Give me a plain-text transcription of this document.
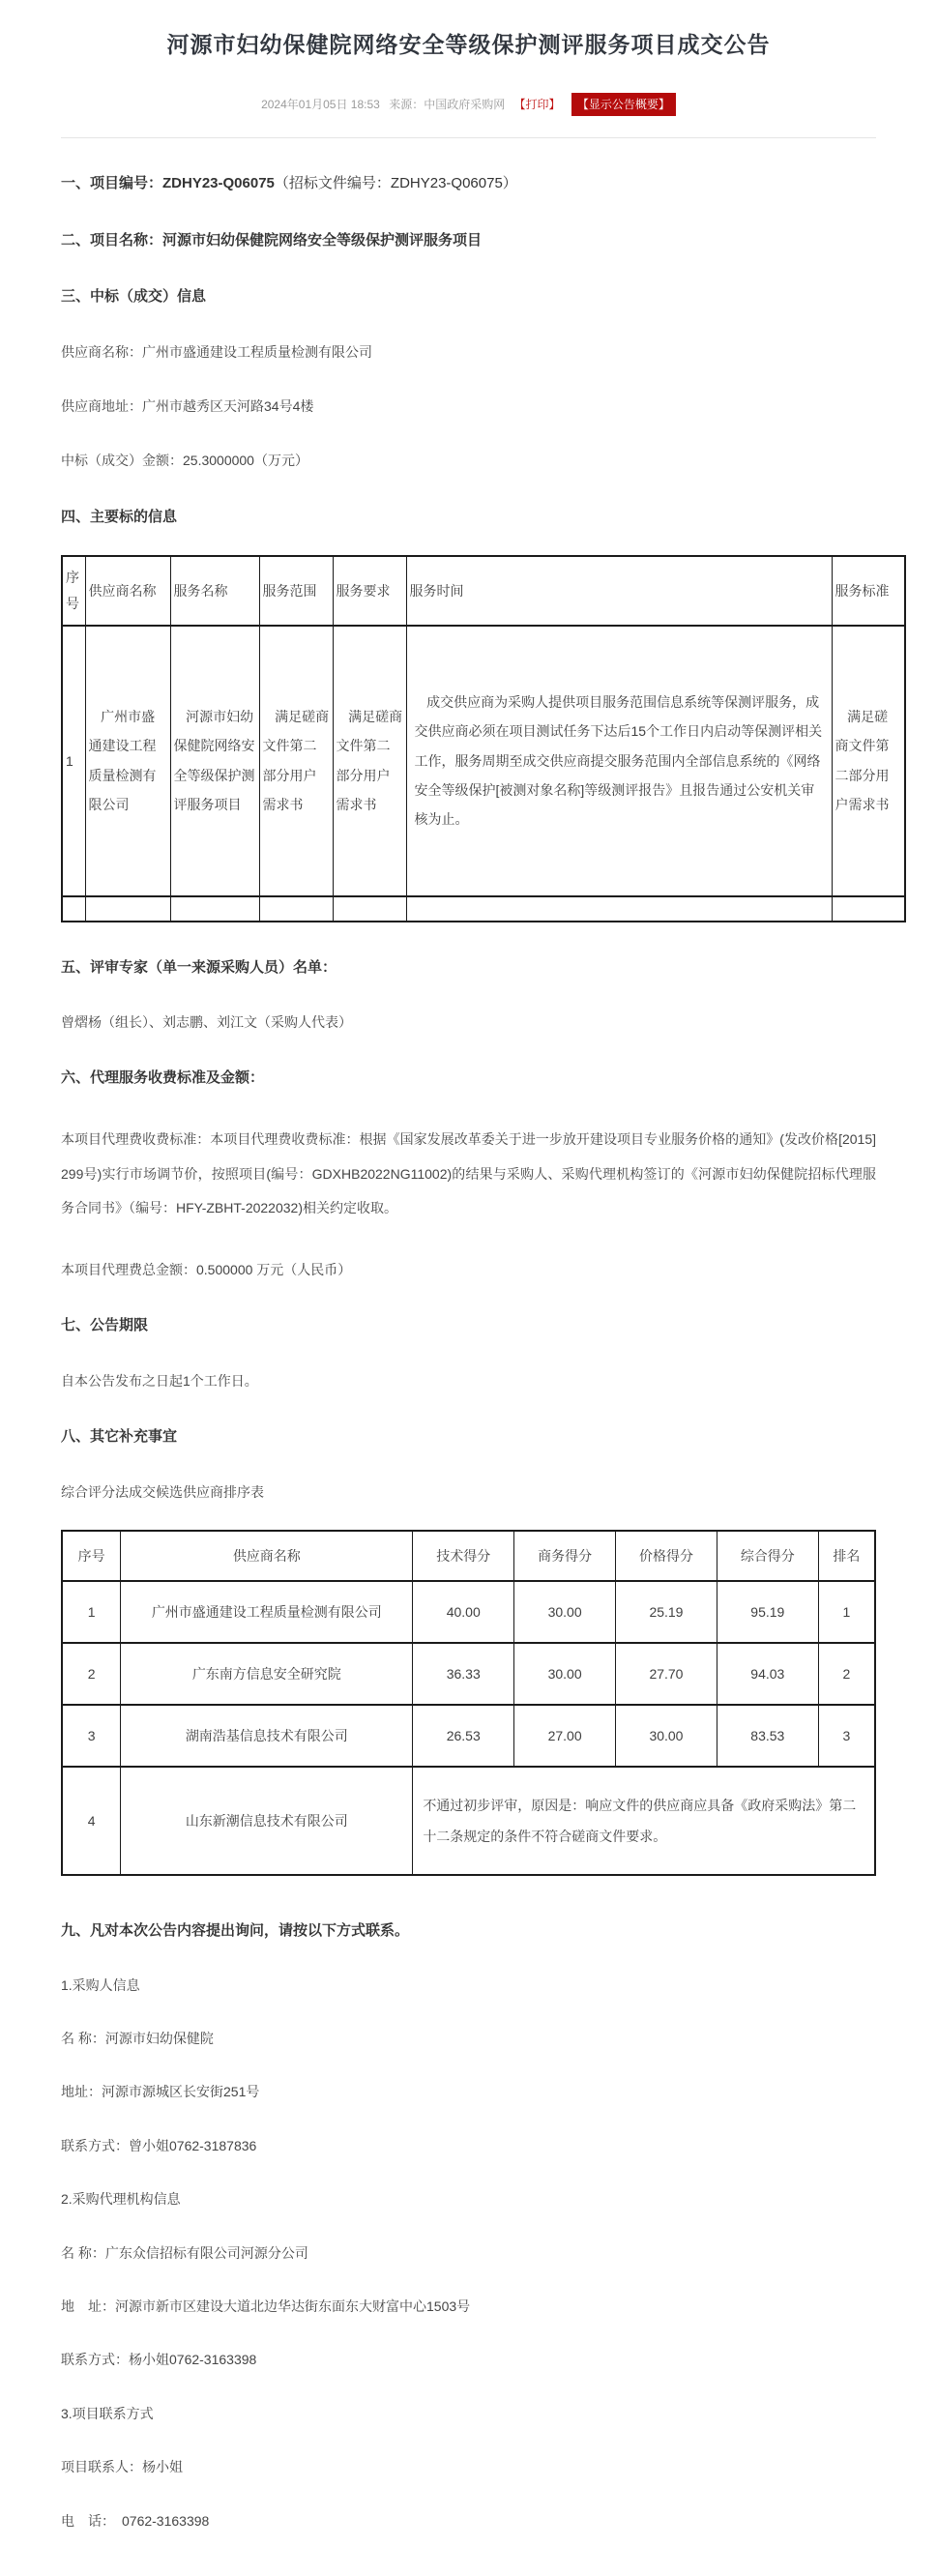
河源市妇幼保健院网络安全等级保护测评服务项目成交公告
2024年01月05日 18:53 来源：中国政府采购网 【打印】 【显示公告概要】
一、项目编号：ZDHY23-Q06075（招标文件编号：ZDHY23-Q06075）
二、项目名称：河源市妇幼保健院网络安全等级保护测评服务项目
三、中标（成交）信息

供应商名称：广州市盛通建设工程质量检测有限公司

供应商地址：广州市越秀区天河路34号4楼

中标（成交）金额：25.3000000（万元）

四、主要标的信息
序号	供应商名称	服务名称	服务范围	服务要求	服务时间	服务标准
1	广州市盛通建设工程质量检测有限公司	河源市妇幼保健院网络安全等级保护测评服务项目	满足磋商文件第二部分用户需求书	满足磋商文件第二部分用户需求书	成交供应商为采购人提供项目服务范围信息系统等保测评服务，成交供应商必须在项目测试任务下达后15个工作日内启动等保测评相关工作，服务周期至成交供应商提交服务范围内全部信息系统的《网络安全等级保护[被测对象名称]等级测评报告》且报告通过公安机关审核为止。	满足磋商文件第二部分用户需求书

五、评审专家（单一来源采购人员）名单：

曾熠杨（组长）、刘志鹏、刘江文（采购人代表）

六、代理服务收费标准及金额：

本项目代理费收费标准：本项目代理费收费标准：根据《国家发展改革委关于进一步放开建设项目专业服务价格的通知》(发改价格[2015] 299号)实行市场调节价，按照项目(编号：GDXHB2022NG11002)的结果与采购人、采购代理机构签订的《河源市妇幼保健院招标代理服务合同书》（编号：HFY-ZBHT-2022032)相关约定收取。

本项目代理费总金额：0.500000 万元（人民币）

七、公告期限

自本公告发布之日起1个工作日。

八、其它补充事宜

综合评分法成交候选供应商排序表

序号	供应商名称	技术得分	商务得分	价格得分	综合得分	排名
1	广州市盛通建设工程质量检测有限公司	40.00	30.00	25.19	95.19	1
2	广东南方信息安全研究院	36.33	30.00	27.70	94.03	2
3	湖南浩基信息技术有限公司	26.53	27.00	30.00	83.53	3
4	山东新潮信息技术有限公司	不通过初步评审，原因是：响应文件的供应商应具备《政府采购法》第二十二条规定的条件不符合磋商文件要求。				
九、凡对本次公告内容提出询问，请按以下方式联系。

1.采购人信息

名 称：河源市妇幼保健院

地址：河源市源城区长安街251号

联系方式：曾小姐0762-3187836

2.采购代理机构信息

名 称：广东众信招标有限公司河源分公司

地　址：河源市新市区建设大道北边华达街东面东大财富中心1503号

联系方式：杨小姐0762-3163398

3.项目联系方式

项目联系人：杨小姐

电　话：　0762-3163398
